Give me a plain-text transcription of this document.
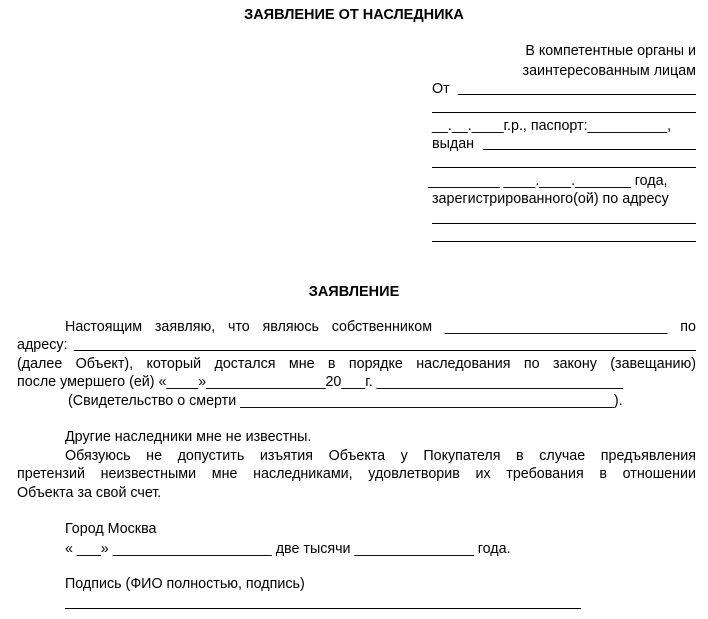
ЗАЯВЛЕНИЕ ОТ НАСЛЕДНИКА
В компетентные органы и
заинтересованным лицам
От
__.__.____г.р., паспорт:__________,
выдан
_________ ____.____._______ года,
зарегистрированного(ой) по адресу
ЗАЯВЛЕНИЕ
Настоящим заявляю, что являюсь собственником ____________________________ по
адресу:
(далее Объект), который достался мне в порядке наследования по закону (завещанию)
после умершего (ей) «____»_______________20___г. _______________________________
(Свидетельство о смерти _______________________________________________).
Другие наследники мне не известны.
Обязуюсь не допустить изъятия Объекта у Покупателя в случае предъявления
претензий неизвестными мне наследниками, удовлетворив их требования в отношении
Объекта за свой счет.
Город Москва
« ___» ____________________ две тысячи _______________ года.
Подпись (ФИО полностью, подпись)
